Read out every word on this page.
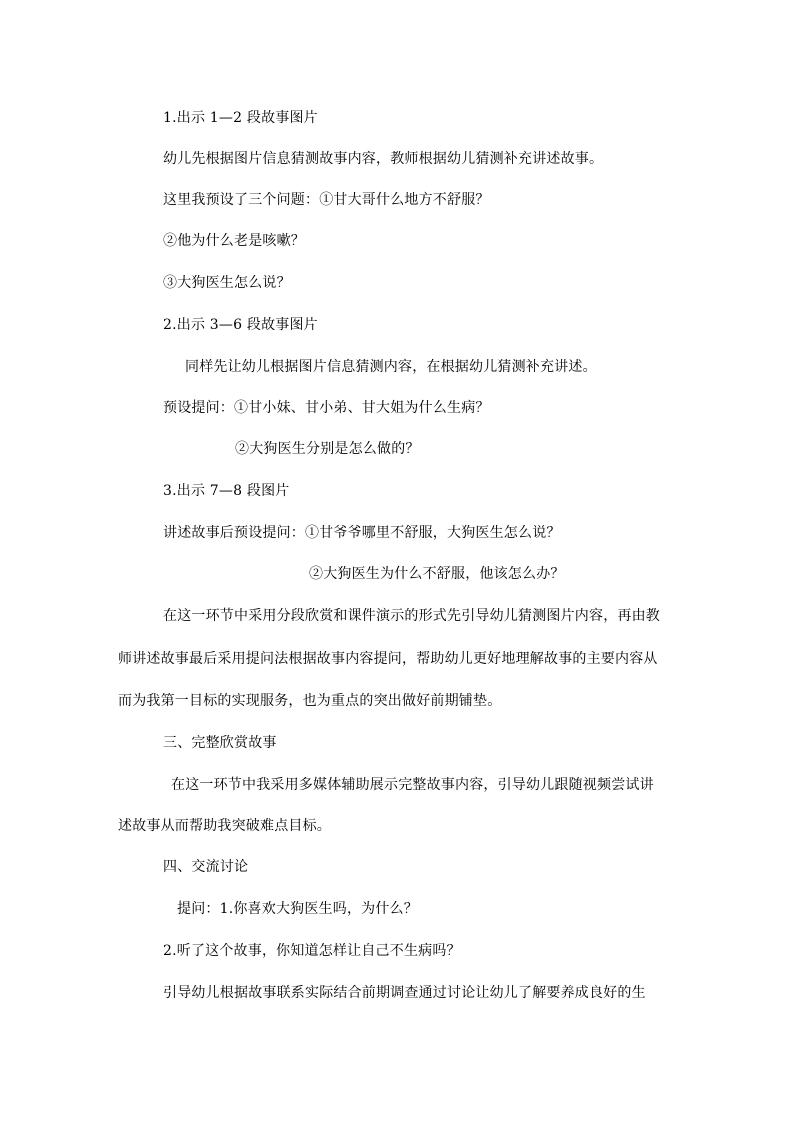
1.出示 1—2 段故事图片
幼儿先根据图片信息猜测故事内容，教师根据幼儿猜测补充讲述故事。
这里我预设了三个问题：①甘大哥什么地方不舒服？
②他为什么老是咳嗽？
③大狗医生怎么说？
2.出示 3—6 段故事图片
同样先让幼儿根据图片信息猜测内容，在根据幼儿猜测补充讲述。
预设提问：①甘小妹、甘小弟、甘大姐为什么生病？
②大狗医生分别是怎么做的？
3.出示 7—8 段图片
讲述故事后预设提问：①甘爷爷哪里不舒服，大狗医生怎么说？
②大狗医生为什么不舒服，他该怎么办？
在这一环节中采用分段欣赏和课件演示的形式先引导幼儿猜测图片内容，再由教
师讲述故事最后采用提问法根据故事内容提问，帮助幼儿更好地理解故事的主要内容从
而为我第一目标的实现服务，也为重点的突出做好前期铺垫。
三、完整欣赏故事
在这一环节中我采用多媒体辅助展示完整故事内容，引导幼儿跟随视频尝试讲
述故事从而帮助我突破难点目标。
四、交流讨论
提问：1.你喜欢大狗医生吗，为什么？
2.听了这个故事，你知道怎样让自己不生病吗？
引导幼儿根据故事联系实际结合前期调查通过讨论让幼儿了解要养成良好的生
